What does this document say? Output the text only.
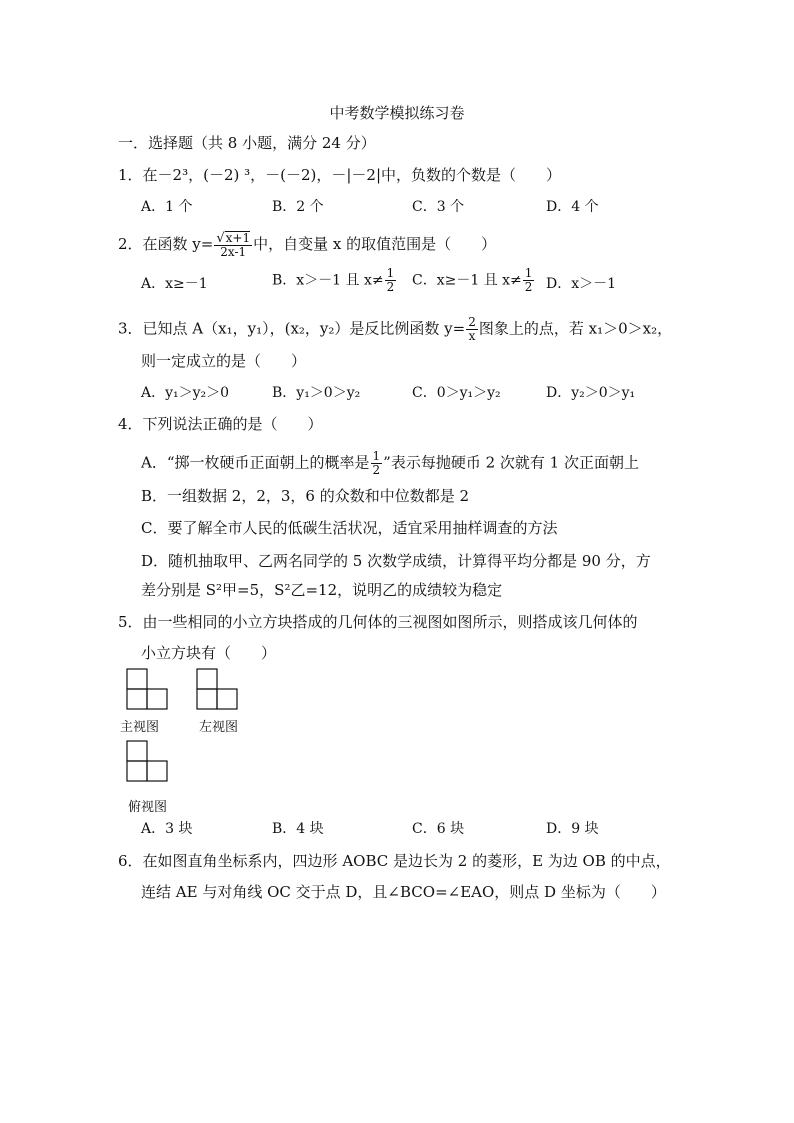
中考数学模拟练习卷
一．选择题（共 8 小题，满分 24 分）
1．在－2³，(－2) ³，－(－2)，－|－2|中，负数的个数是（　　）
A．1 个	B．2 个	C．3 个	D．4 个
2．在函数 $y= \frac{√x+1}{2x-1}$ 中，自变量 x 的取值范围是（　　）
A．x≥－1	B．x＞－1 且 $x\ne \frac{1}{2}$ C．x≥－1 且 $x\ne \frac{1}{2}$ D．x＞－1
3．已知点 A（x₁，y₁），(x₂，y₂）是反比例函数 $y= \frac{2}{x}$ 图象上的点，若 x₁＞0＞x₂，
则一定成立的是（　　）
A．y₁＞y₂＞0	B．y₁＞0＞y₂	C．0＞y₁＞y₂	D．y₂＞0＞y₁
4．下列说法正确的是（　　）
A．“掷一枚硬币正面朝上的概率是 $\frac{1}{2}$ ”表示每抛硬币 2 次就有 1 次正面朝上
B．一组数据 2，2，3，6 的众数和中位数都是 2
C．要了解全市人民的低碳生活状况，适宜采用抽样调查的方法
D．随机抽取甲、乙两名同学的 5 次数学成绩，计算得平均分都是 90 分，方
差分别是 S²甲=5，S²乙=12，说明乙的成绩较为稳定
5．由一些相同的小立方块搭成的几何体的三视图如图所示，则搭成该几何体的
小立方块有（　　）
主视图	左视图
俯视图
A．3 块	B．4 块	C．6 块	D．9 块
6．在如图直角坐标系内，四边形 AOBC 是边长为 2 的菱形，E 为边 OB 的中点，
连结 AE 与对角线 OC 交于点 D，且∠BCO=∠EAO，则点 D 坐标为（　　）
